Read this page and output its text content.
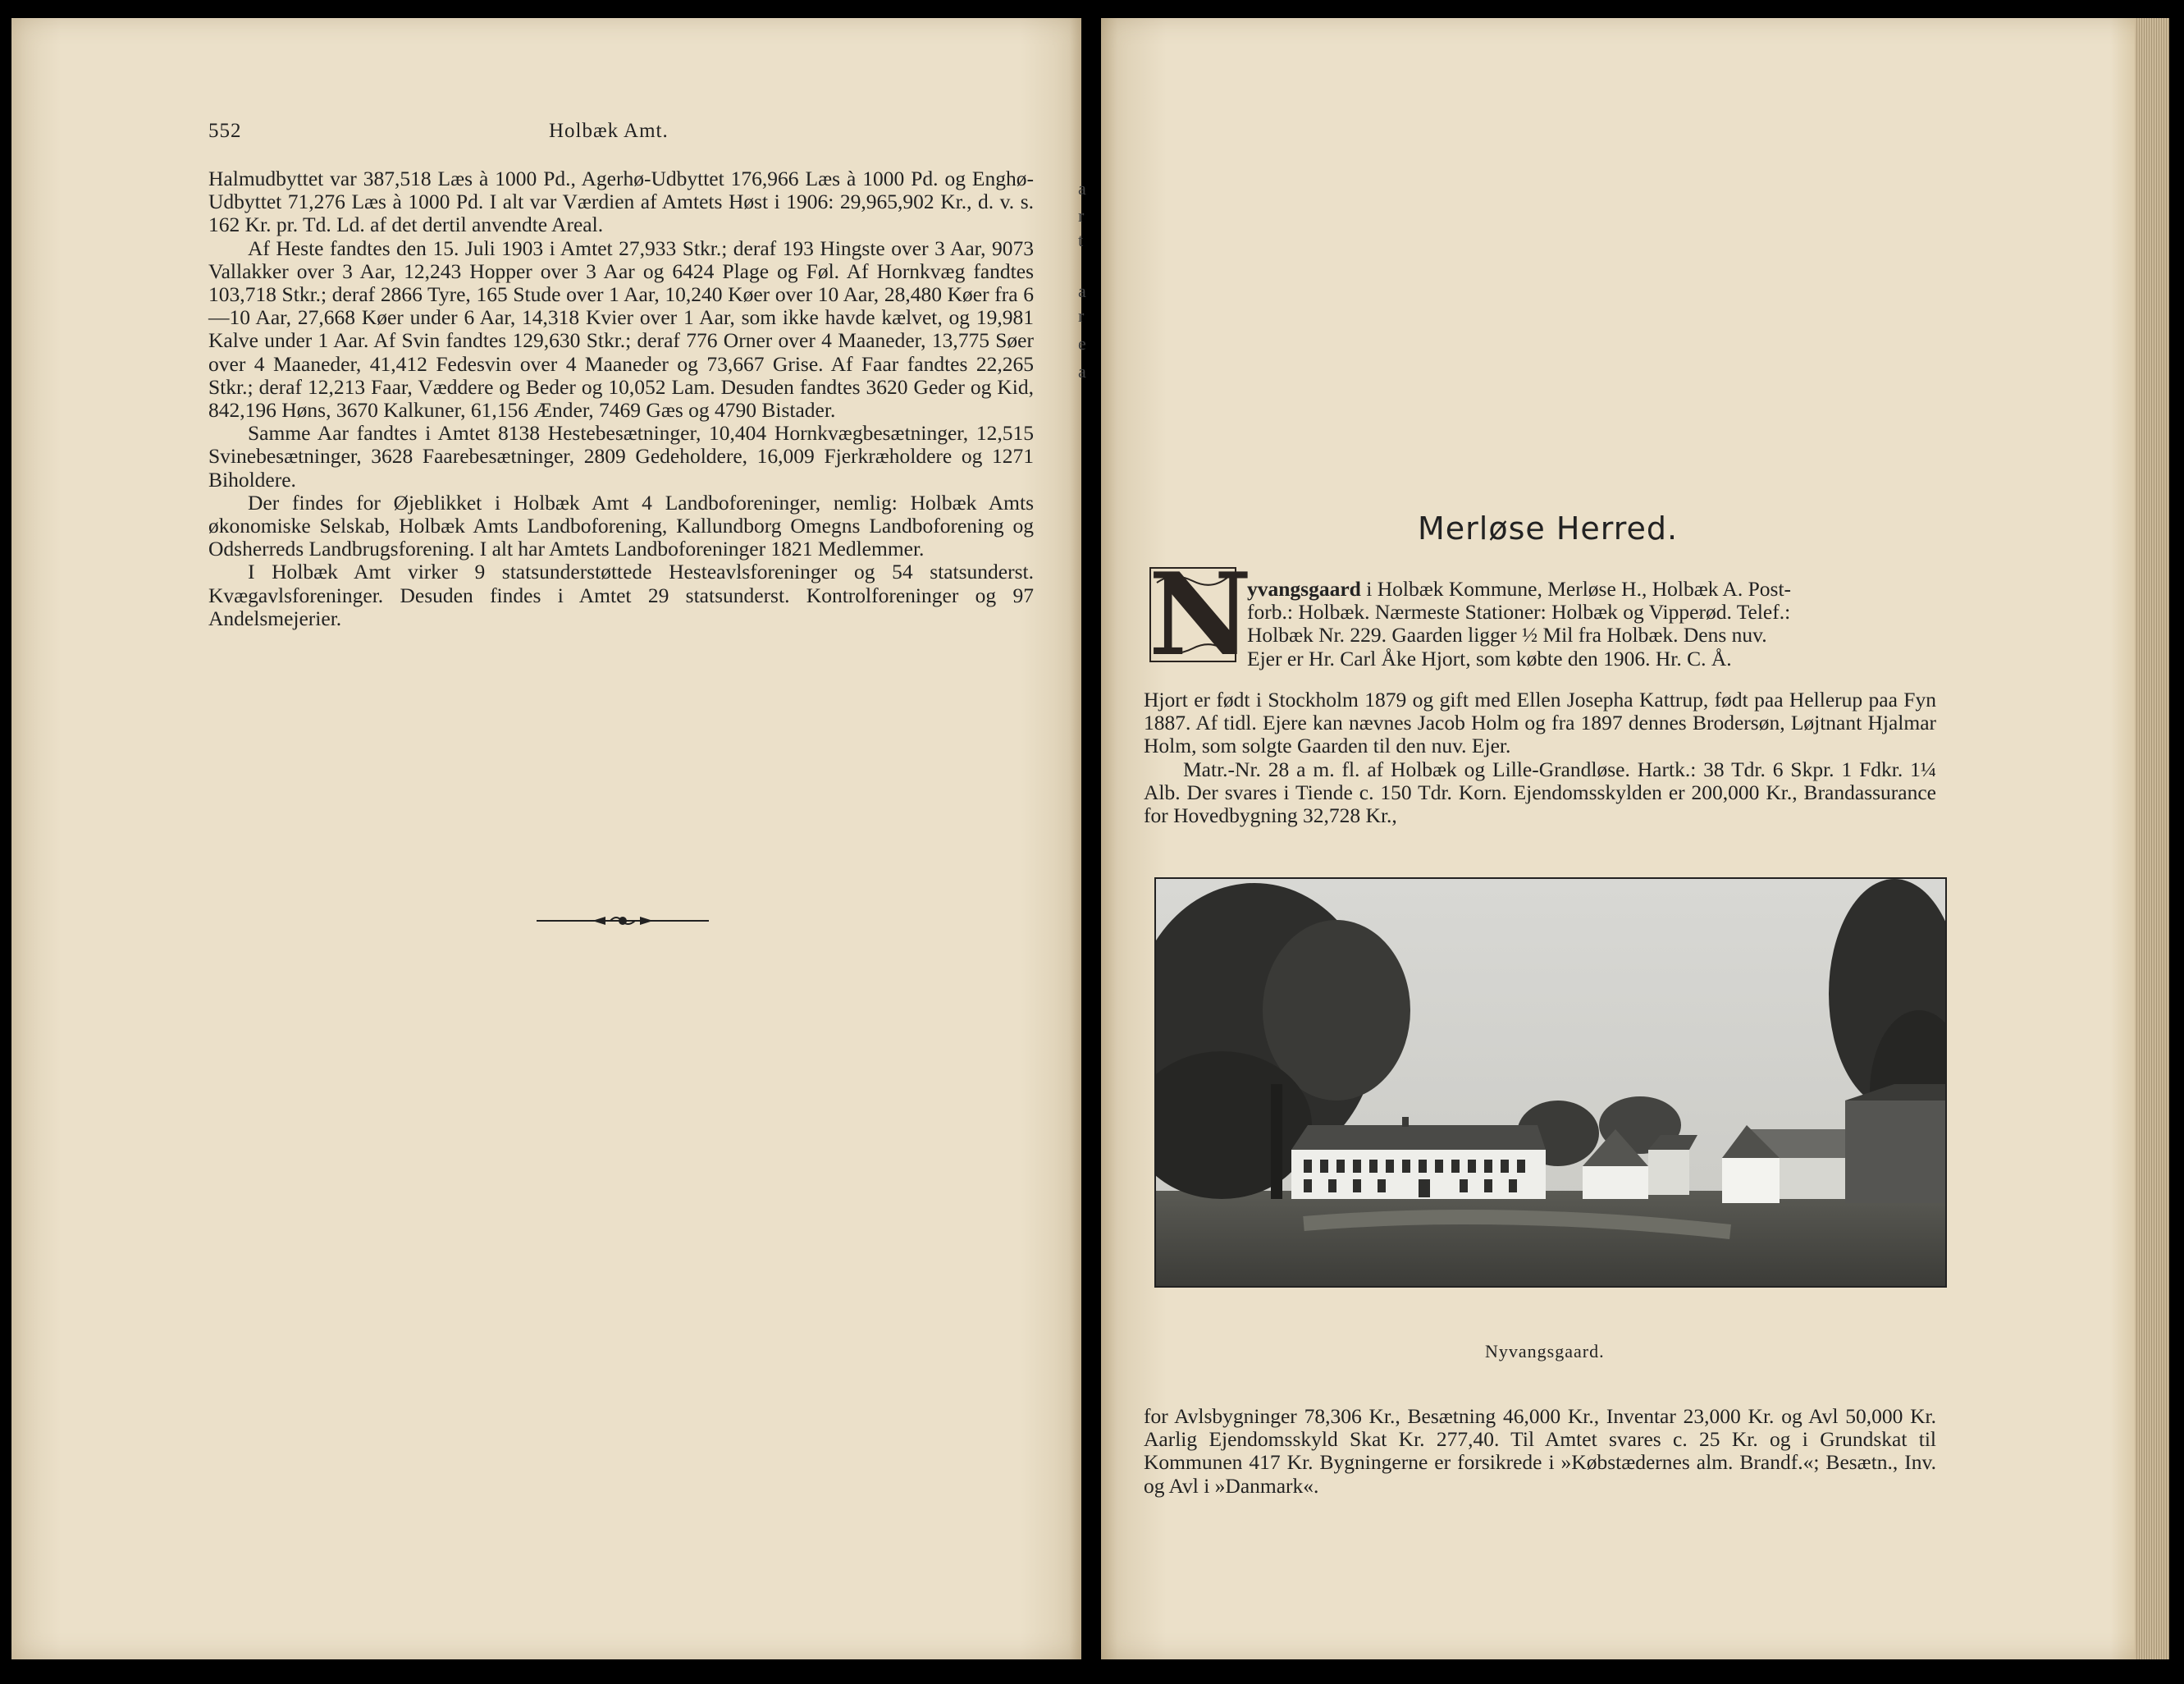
552	Holbæk Amt.

Halmudbyttet var 387,518 Læs à 1000 Pd., Agerhø-Udbyttet 176,966 Læs à 1000 Pd. og Enghø-Udbyttet 71,276 Læs à 1000 Pd. I alt var Værdien af Amtets Høst i 1906: 29,965,902 Kr., d. v. s. 162 Kr. pr. Td. Ld. af det dertil anvendte Areal.

Af Heste fandtes den 15. Juli 1903 i Amtet 27,933 Stkr.; deraf 193 Hingste over 3 Aar, 9073 Vallakker over 3 Aar, 12,243 Hopper over 3 Aar og 6424 Plage og Føl. Af Hornkvæg fandtes 103,718 Stkr.; deraf 2866 Tyre, 165 Stude over 1 Aar, 10,240 Køer over 10 Aar, 28,480 Køer fra 6—10 Aar, 27,668 Køer under 6 Aar, 14,318 Kvier over 1 Aar, som ikke havde kælvet, og 19,981 Kalve under 1 Aar. Af Svin fandtes 129,630 Stkr.; deraf 776 Orner over 4 Maaneder, 13,775 Søer over 4 Maaneder, 41,412 Fedesvin over 4 Maaneder og 73,667 Grise. Af Faar fandtes 22,265 Stkr.; deraf 12,213 Faar, Væddere og Beder og 10,052 Lam. Desuden fandtes 3620 Geder og Kid, 842,196 Høns, 3670 Kalkuner, 61,156 Ænder, 7469 Gæs og 4790 Bistader.

Samme Aar fandtes i Amtet 8138 Hestebesætninger, 10,404 Hornkvægbesætninger, 12,515 Svinebesætninger, 3628 Faarebesætninger, 2809 Gedeholdere, 16,009 Fjerkræholdere og 1271 Biholdere.

Der findes for Øjeblikket i Holbæk Amt 4 Landboforeninger, nemlig: Holbæk Amts økonomiske Selskab, Holbæk Amts Landboforening, Kallundborg Omegns Landboforening og Odsherreds Landbrugsforening. I alt har Amtets Landboforeninger 1821 Medlemmer.

I Holbæk Amt virker 9 statsunderstøttede Hesteavlsforeninger og 54 statsunderst. Kvægavlsforeninger. Desuden findes i Amtet 29 statsunderst. Kontrolforeninger og 97 Andelsmejerier.

a
r
t
a
r
e
a
Merløse Herred.
N

yvangsgaard i Holbæk Kommune, Merløse H., Holbæk A. Post-

forb.: Holbæk. Nærmeste Stationer: Holbæk og Vipperød. Telef.:

Holbæk Nr. 229. Gaarden ligger ½ Mil fra Holbæk. Dens nuv.

Ejer er Hr. Carl Åke Hjort, som købte den 1906. Hr. C. Å.

Hjort er født i Stockholm 1879 og gift med Ellen Josepha Kattrup, født paa Hellerup paa Fyn 1887. Af tidl. Ejere kan nævnes Jacob Holm og fra 1897 dennes Brodersøn, Løjtnant Hjalmar Holm, som solgte Gaarden til den nuv. Ejer.

Matr.-Nr. 28 a m. fl. af Holbæk og Lille-Grandløse. Hartk.: 38 Tdr. 6 Skpr. 1 Fdkr. 1¼ Alb. Der svares i Tiende c. 150 Tdr. Korn. Ejendomsskylden er 200,000 Kr., Brandassurance for Hovedbygning 32,728 Kr.,

Nyvangsgaard.

for Avlsbygninger 78,306 Kr., Besætning 46,000 Kr., Inventar 23,000 Kr. og Avl 50,000 Kr. Aarlig Ejendomsskyld Skat Kr. 277,40. Til Amtet svares c. 25 Kr. og i Grundskat til Kommunen 417 Kr. Bygningerne er forsikrede i »Købstædernes alm. Brandf.«; Besætn., Inv. og Avl i »Danmark«.
